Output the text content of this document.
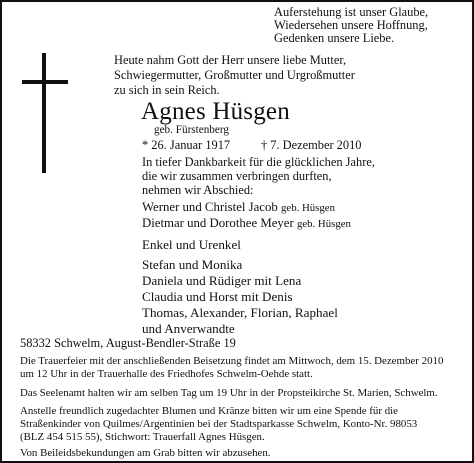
Auferstehung ist unser Glaube,
Wiedersehen unsere Hoffnung,
Gedenken unsere Liebe.
Heute nahm Gott der Herr unsere liebe Mutter,
Schwiegermutter, Großmutter und Urgroßmutter
zu sich in sein Reich.
Agnes Hüsgen
geb. Fürstenberg
* 26. Januar 1917 † 7. Dezember 2010
In tiefer Dankbarkeit für die glücklichen Jahre,
die wir zusammen verbringen durften,
nehmen wir Abschied:
Werner und Christel Jacob geb. Hüsgen
Dietmar und Dorothee Meyer geb. Hüsgen
Enkel und Urenkel
Stefan und Monika
Daniela und Rüdiger mit Lena
Claudia und Horst mit Denis
Thomas, Alexander, Florian, Raphael
und Anverwandte
58332 Schwelm, August-Bendler-Straße 19
Die Trauerfeier mit der anschließenden Beisetzung findet am Mittwoch, dem 15. Dezember 2010
um 12 Uhr in der Trauerhalle des Friedhofes Schwelm-Oehde statt.
Das Seelenamt halten wir am selben Tag um 19 Uhr in der Propsteikirche St. Marien, Schwelm.
Anstelle freundlich zugedachter Blumen und Kränze bitten wir um eine Spende für die
Straßenkinder von Quilmes/Argentinien bei der Stadtsparkasse Schwelm, Konto-Nr. 98053
(BLZ 454 515 55), Stichwort: Trauerfall Agnes Hüsgen.
Von Beileidsbekundungen am Grab bitten wir abzusehen.
